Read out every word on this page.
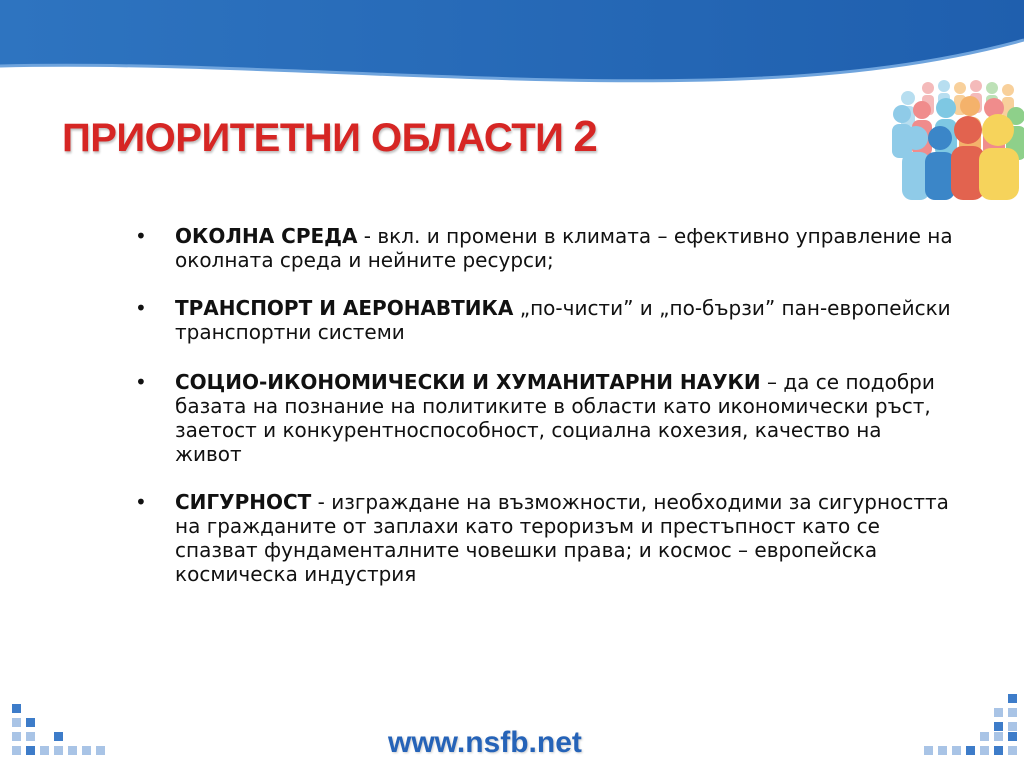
ПРИОРИТЕТНИ ОБЛАСТИ 2
• ОКОЛНА СРЕДА - вкл. и промени в климата – ефективно управление на околната среда и нейните ресурси;
• ТРАНСПОРТ И АЕРОНАВТИКА „по-чисти” и „по-бързи” пан-европейски транспортни системи
• СОЦИО-ИКОНОМИЧЕСКИ И ХУМАНИТАРНИ НАУКИ – да се подобри базата на познание на политиките в области като икономически ръст, заетост и конкурентноспособност, социална кохезия, качество на живот
• СИГУРНОСТ - изграждане на възможности, необходими за сигурността на гражданите от заплахи като тероризъм и престъпност като се спазват фундаменталните човешки права; и космос – европейска космическа индустрия

www.nsfb.net
